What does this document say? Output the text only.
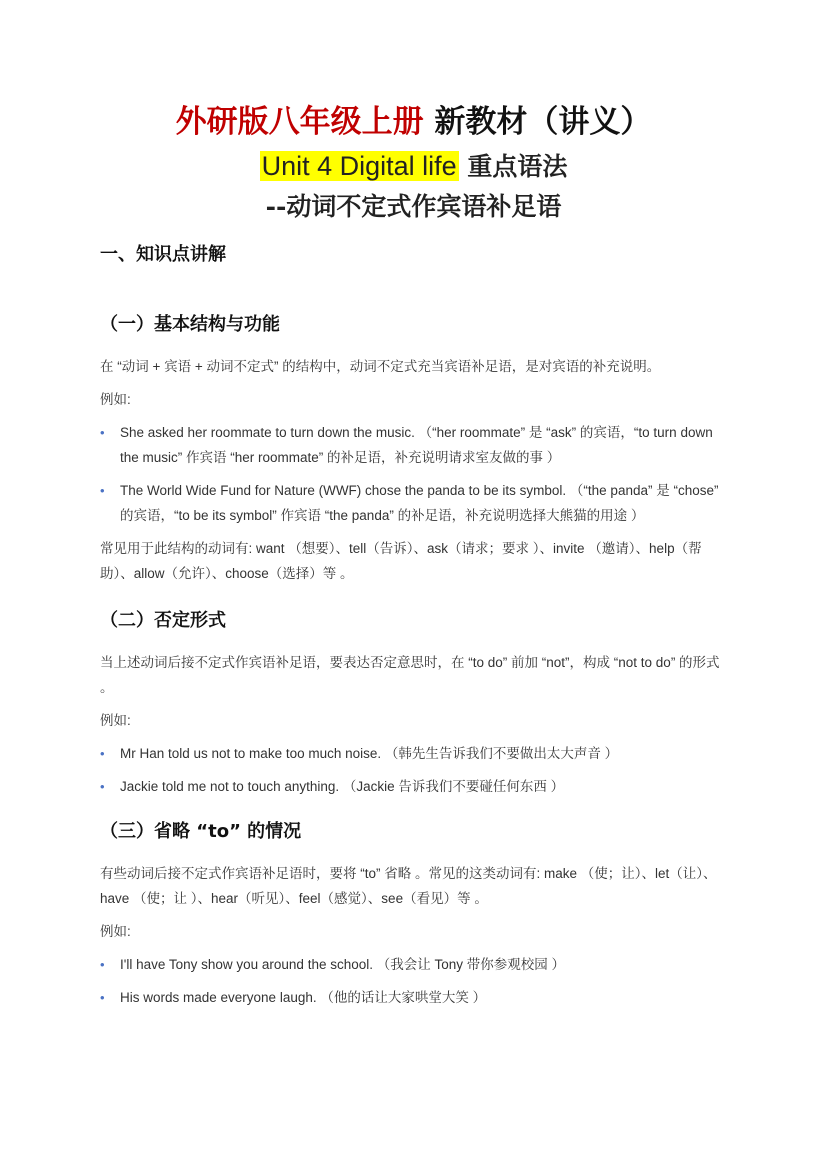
外研版八年级上册 新教材（讲义）
Unit 4 Digital life 重点语法
--动词不定式作宾语补足语
一、知识点讲解
（一）基本结构与功能
在 “动词 + 宾语 + 动词不定式” 的结构中，动词不定式充当宾语补足语，是对宾语的补充说明。
例如:
• She asked her roommate to turn down the music. （“her roommate” 是 “ask” 的宾语，“to turn down the music” 作宾语 “her roommate” 的补足语，补充说明请求室友做的事 ）
• The World Wide Fund for Nature (WWF) chose the panda to be its symbol. （“the panda” 是 “chose” 的宾语，“to be its symbol” 作宾语 “the panda” 的补足语，补充说明选择大熊猫的用途 ）
常见用于此结构的动词有: want （想要）、tell（告诉）、ask（请求；要求 ）、invite （邀请）、help（帮助）、allow（允许）、choose（选择）等 。
（二）否定形式
当上述动词后接不定式作宾语补足语，要表达否定意思时，在 “to do” 前加 “not”，构成 “not to do” 的形式 。
例如:
• Mr Han told us not to make too much noise. （韩先生告诉我们不要做出太大声音 ）
• Jackie told me not to touch anything. （Jackie 告诉我们不要碰任何东西 ）
（三）省略 “to” 的情况
有些动词后接不定式作宾语补足语时，要将 “to” 省略 。常见的这类动词有: make （使；让）、let（让）、have （使；让 ）、hear（听见）、feel（感觉）、see（看见）等 。
例如:
• I'll have Tony show you around the school. （我会让 Tony 带你参观校园 ）
• His words made everyone laugh. （他的话让大家哄堂大笑 ）
